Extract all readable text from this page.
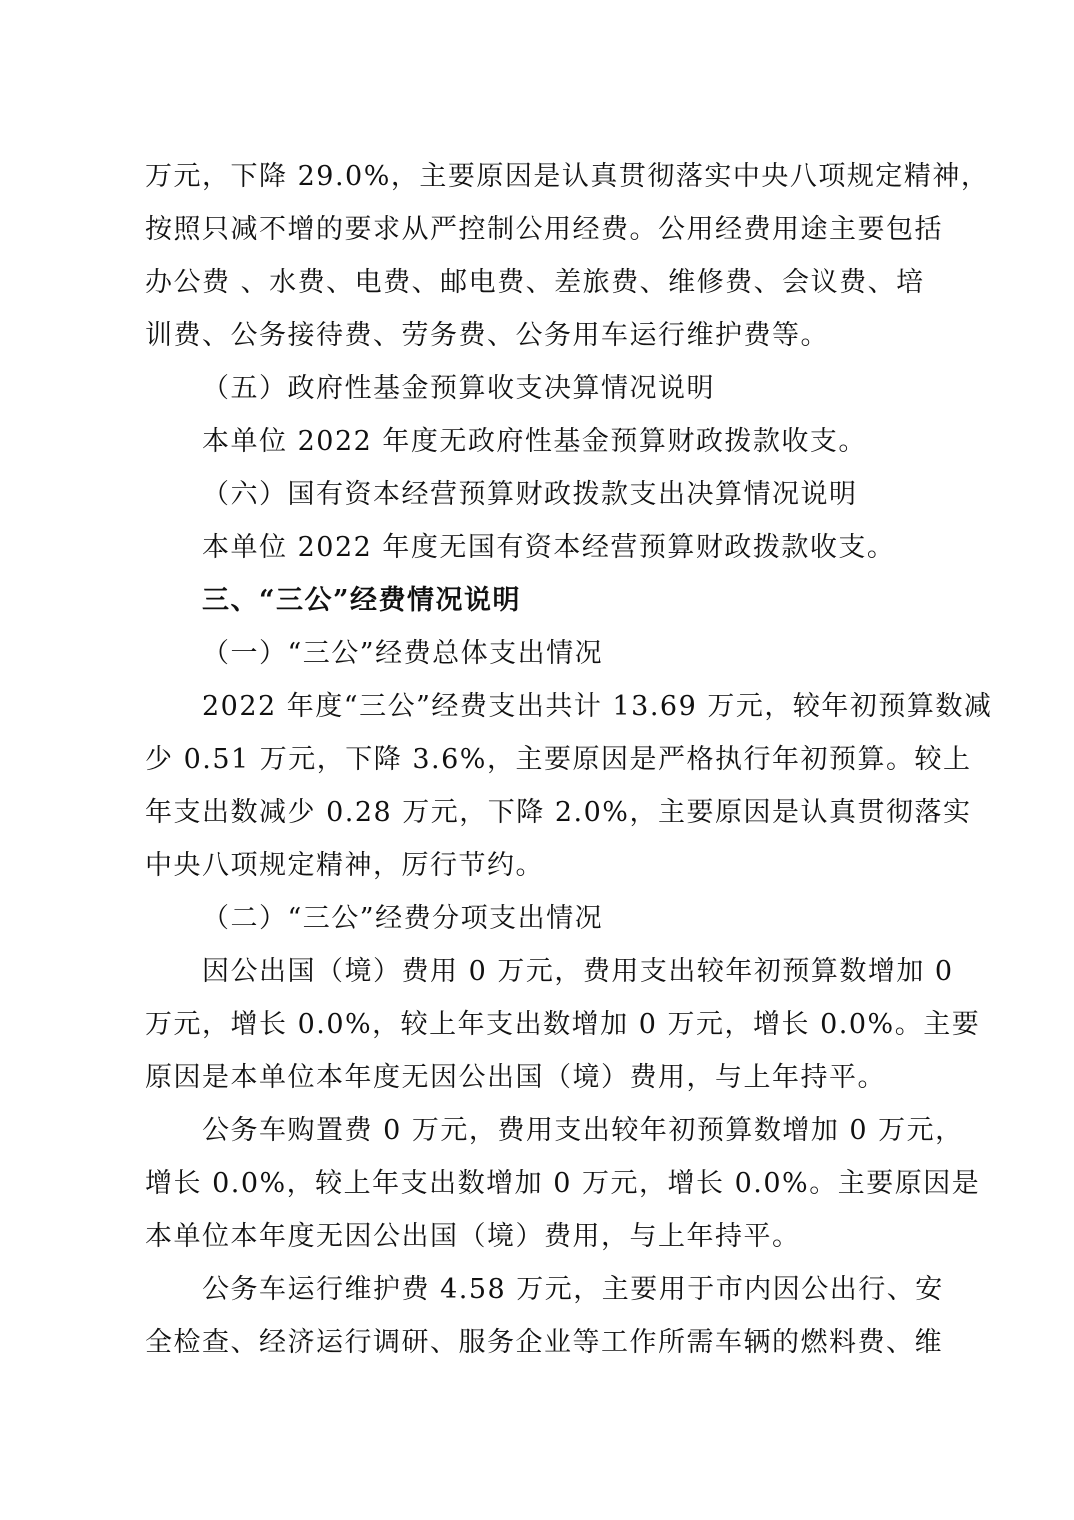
万元，下降 29.0%，主要原因是认真贯彻落实中央八项规定精神，
按照只减不增的要求从严控制公用经费。公用经费用途主要包括
办公费 、水费、电费、邮电费、差旅费、维修费、会议费、培
训费、公务接待费、劳务费、公务用车运行维护费等。
（五）政府性基金预算收支决算情况说明
本单位 2022 年度无政府性基金预算财政拨款收支。
（六）国有资本经营预算财政拨款支出决算情况说明
本单位 2022 年度无国有资本经营预算财政拨款收支。
三、“三公”经费情况说明
（一）“三公”经费总体支出情况
2022 年度“三公”经费支出共计 13.69 万元，较年初预算数减
少 0.51 万元，下降 3.6%，主要原因是严格执行年初预算。较上
年支出数减少 0.28 万元，下降 2.0%，主要原因是认真贯彻落实
中央八项规定精神，厉行节约。
（二）“三公”经费分项支出情况
因公出国（境）费用 0 万元，费用支出较年初预算数增加 0
万元，增长 0.0%，较上年支出数增加 0 万元，增长 0.0%。主要
原因是本单位本年度无因公出国（境）费用，与上年持平。
公务车购置费 0 万元，费用支出较年初预算数增加 0 万元，
增长 0.0%，较上年支出数增加 0 万元，增长 0.0%。主要原因是
本单位本年度无因公出国（境）费用，与上年持平。
公务车运行维护费 4.58 万元，主要用于市内因公出行、安
全检查、经济运行调研、服务企业等工作所需车辆的燃料费、维
